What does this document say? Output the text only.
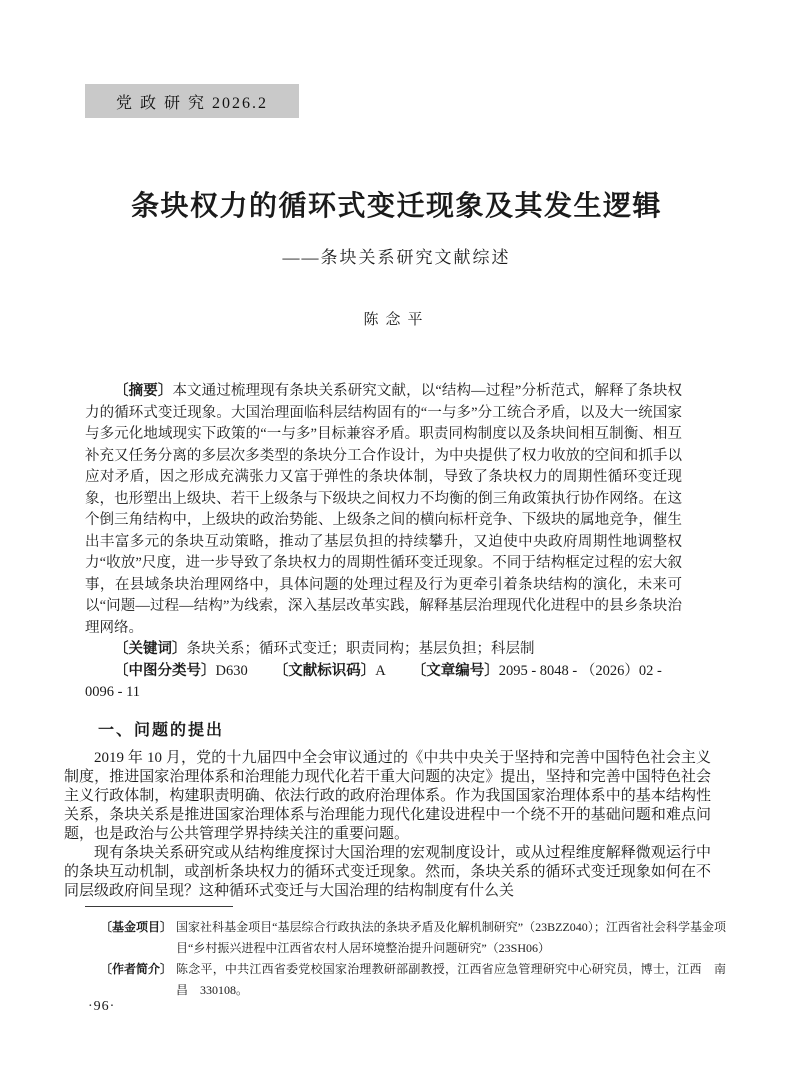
党 政 研 究 2026.2
条块权力的循环式变迁现象及其发生逻辑
——条块关系研究文献综述
陈念平

〔摘要〕本文通过梳理现有条块关系研究文献，以“结构—过程”分析范式，解释了条块权力的循环式变迁现象。大国治理面临科层结构固有的“一与多”分工统合矛盾，以及大一统国家与多元化地域现实下政策的“一与多”目标兼容矛盾。职责同构制度以及条块间相互制衡、相互补充又任务分离的多层次多类型的条块分工合作设计，为中央提供了权力收放的空间和抓手以应对矛盾，因之形成充满张力又富于弹性的条块体制，导致了条块权力的周期性循环变迁现象，也形塑出上级块、若干上级条与下级块之间权力不均衡的倒三角政策执行协作网络。在这个倒三角结构中，上级块的政治势能、上级条之间的横向标杆竞争、下级块的属地竞争，催生出丰富多元的条块互动策略，推动了基层负担的持续攀升，又迫使中央政府周期性地调整权力“收放”尺度，进一步导致了条块权力的周期性循环变迁现象。不同于结构框定过程的宏大叙事，在县域条块治理网络中，具体问题的处理过程及行为更牵引着条块结构的演化，未来可以“问题—过程—结构”为线索，深入基层改革实践，解释基层治理现代化进程中的县乡条块治理网络。

〔关键词〕条块关系；循环式变迁；职责同构；基层负担；科层制

〔中图分类号〕D630 〔文献标识码〕A 〔文章编号〕2095 - 8048 - （2026）02 - 0096 - 11

一、问题的提出

2019 年 10 月，党的十九届四中全会审议通过的《中共中央关于坚持和完善中国特色社会主义制度，推进国家治理体系和治理能力现代化若干重大问题的决定》提出，坚持和完善中国特色社会主义行政体制，构建职责明确、依法行政的政府治理体系。作为我国国家治理体系中的基本结构性关系，条块关系是推进国家治理体系与治理能力现代化建设进程中一个绕不开的基础问题和难点问题，也是政治与公共管理学界持续关注的重要问题。

现有条块关系研究或从结构维度探讨大国治理的宏观制度设计，或从过程维度解释微观运行中的条块互动机制，或剖析条块权力的循环式变迁现象。然而，条块关系的循环式变迁现象如何在不同层级政府间呈现？这种循环式变迁与大国治理的结构制度有什么关

〔基金项目〕 国家社科基金项目“基层综合行政执法的条块矛盾及化解机制研究”（23BZZ040）；江西省社会科学基金项目“乡村振兴进程中江西省农村人居环境整治提升问题研究”（23SH06）
〔作者简介〕 陈念平，中共江西省委党校国家治理教研部副教授，江西省应急管理研究中心研究员，博士，江西　南昌　330108。
·96·
